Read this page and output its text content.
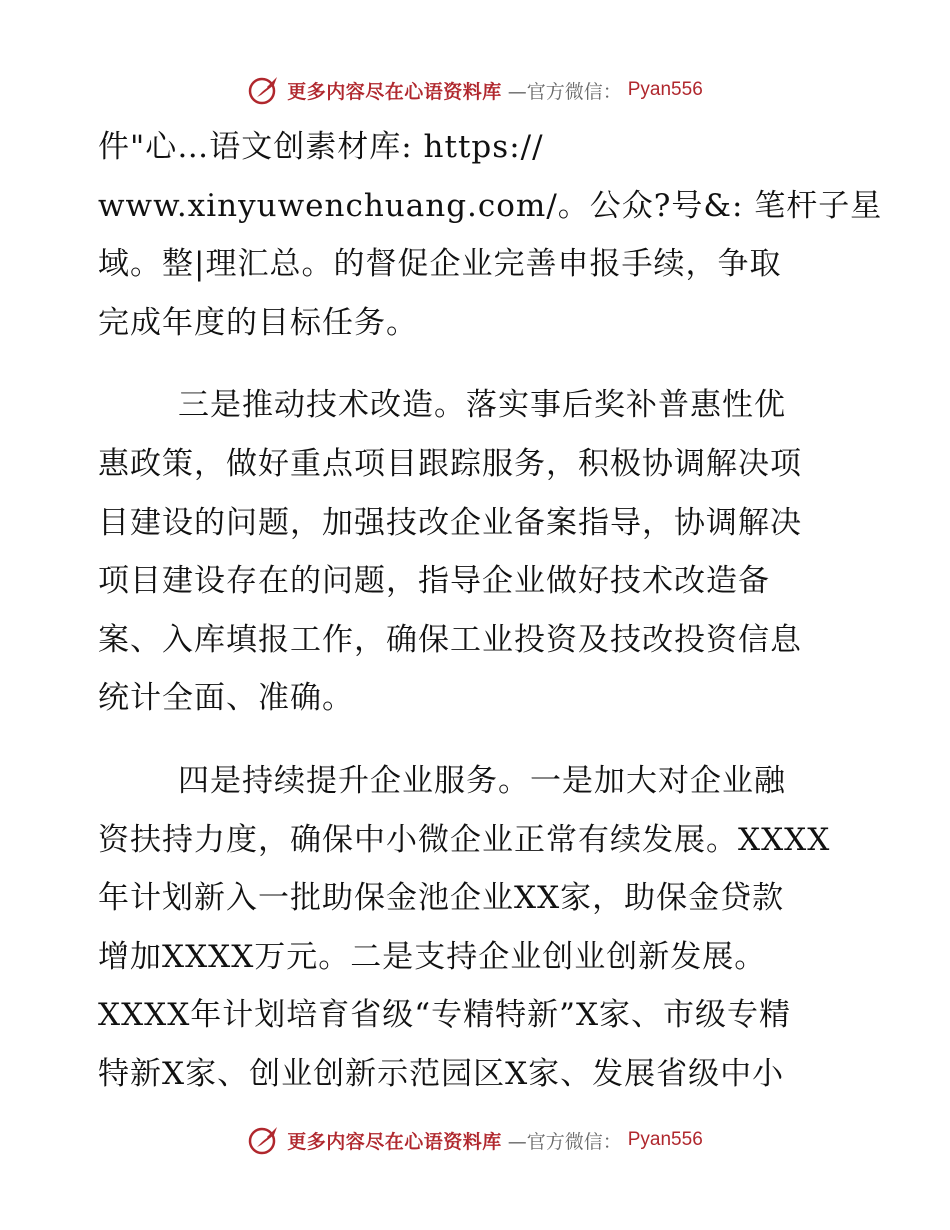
更多内容尽在心语资料库 —官方微信： Pyan556
件"心…语文创素材库: https://
www.xinyuwenchuang.com/。公众?号&: 笔杆子星
域。整|理汇总。的督促企业完善申报手续，争取
完成年度的目标任务。
三是推动技术改造。落实事后奖补普惠性优
惠政策，做好重点项目跟踪服务，积极协调解决项
目建设的问题，加强技改企业备案指导，协调解决
项目建设存在的问题，指导企业做好技术改造备
案、入库填报工作，确保工业投资及技改投资信息
统计全面、准确。
四是持续提升企业服务。一是加大对企业融
资扶持力度，确保中小微企业正常有续发展。XXXX
年计划新入一批助保金池企业XX家，助保金贷款
增加XXXX万元。二是支持企业创业创新发展。
XXXX年计划培育省级“专精特新”X家、市级专精
特新X家、创业创新示范园区X家、发展省级中小
更多内容尽在心语资料库 —官方微信： Pyan556
